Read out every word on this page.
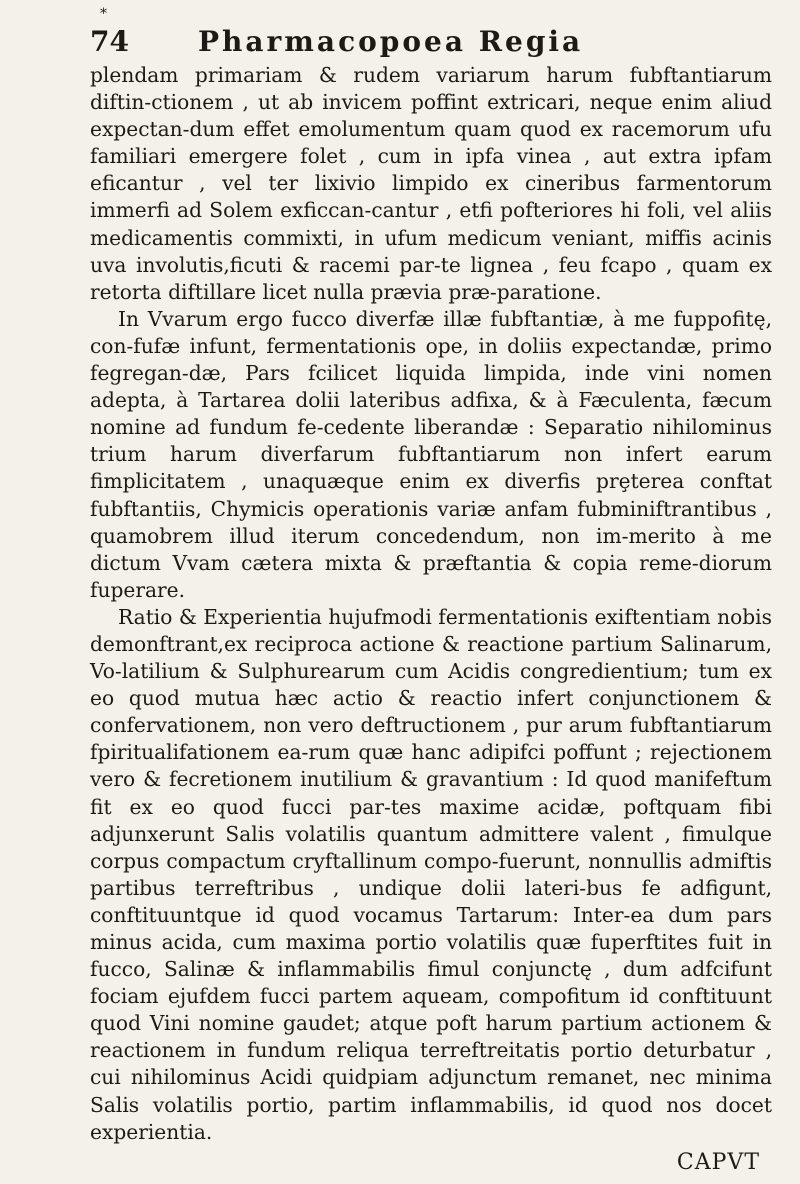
*
74	Pharmacopoea Regia

plendam primariam & rudem variarum harum fubftantiarum diftin-ctionem , ut ab invicem poffint extricari, neque enim aliud expectan-dum effet emolumentum quam quod ex racemorum ufu familiari emergere folet , cum in ipfa vinea , aut extra ipfam eficantur , vel ter lixivio limpido ex cineribus farmentorum immerfi ad Solem exficcan-cantur , etfi pofteriores hi foli, vel aliis medicamentis commixti, in ufum medicum veniant, miffis acinis uva involutis,ficuti & racemi par-te lignea , feu fcapo , quam ex retorta diftillare licet nulla prævia præ-paratione.

In Vvarum ergo fucco diverfæ illæ fubftantiæ, à me fuppofitę, con-fufæ infunt, fermentationis ope, in doliis expectandæ, primo fegregan-dæ, Pars fcilicet liquida limpida, inde vini nomen adepta, à Tartarea dolii lateribus adfixa, & à Fæculenta, fæcum nomine ad fundum fe-cedente liberandæ : Separatio nihilominus trium harum diverfarum fubftantiarum non infert earum fimplicitatem , unaquæque enim ex diverfis prȩterea conftat fubftantiis, Chymicis operationis variæ anfam fubminiftrantibus , quamobrem illud iterum concedendum, non im-merito à me dictum Vvam cætera mixta & præftantia & copia reme-diorum fuperare.

Ratio & Experientia hujufmodi fermentationis exiftentiam nobis demonftrant,ex reciproca actione & reactione partium Salinarum, Vo-latilium & Sulphurearum cum Acidis congredientium; tum ex eo quod mutua hæc actio & reactio infert conjunctionem & confervationem, non vero deftructionem , pur arum fubftantiarum fpiritualifationem ea-rum quæ hanc adipifci poffunt ; rejectionem vero & fecretionem inutilium & gravantium : Id quod manifeftum fit ex eo quod fucci par-tes maxime acidæ, poftquam fibi adjunxerunt Salis volatilis quantum admittere valent , fimulque corpus compactum cryftallinum compo-fuerunt, nonnullis admiftis partibus terreftribus , undique dolii lateri-bus fe adfigunt, conftituuntque id quod vocamus Tartarum: Inter-ea dum pars minus acida, cum maxima portio volatilis quæ fuperftites fuit in fucco, Salinæ & inflammabilis fimul conjunctę , dum adfcifunt fociam ejufdem fucci partem aqueam, compofitum id conftituunt quod Vini nomine gaudet; atque poft harum partium actionem & reactionem in fundum reliqua terreftreitatis portio deturbatur , cui nihilominus Acidi quidpiam adjunctum remanet, nec minima Salis volatilis portio, partim inflammabilis, id quod nos docet experientia.

CAPVT
